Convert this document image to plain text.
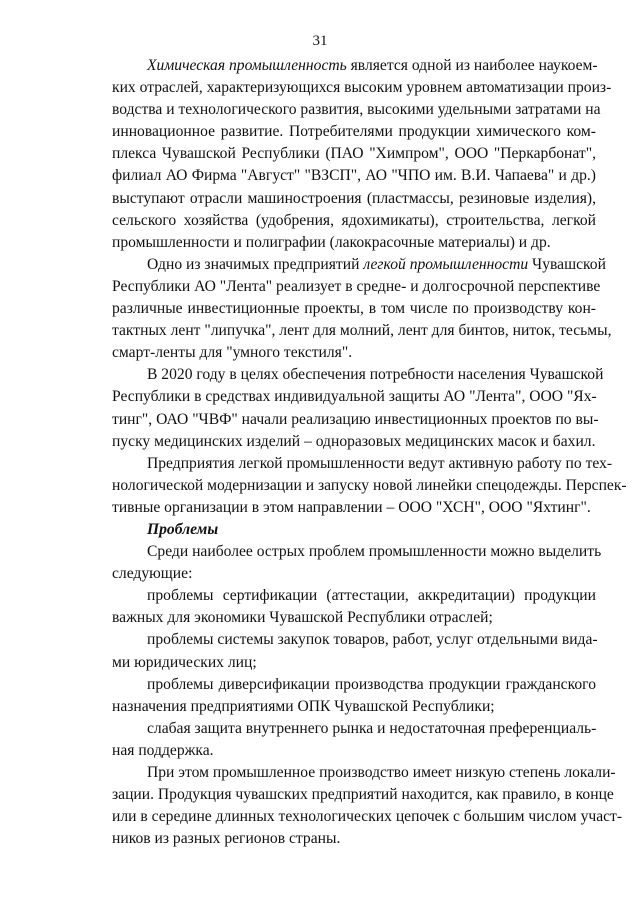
31
Химическая промышленность является одной из наиболее наукоем-
ких отраслей, характеризующихся высоким уровнем автоматизации произ-
водства и технологического развития, высокими удельными затратами на
инновационное развитие. Потребителями продукции химического ком-
плекса Чувашской Республики (ПАО "Химпром", ООО "Перкарбонат",
филиал АО Фирма "Август" "ВЗСП", АО "ЧПО им. В.И. Чапаева" и др.)
выступают отрасли машиностроения (пластмассы, резиновые изделия),
сельского хозяйства (удобрения, ядохимикаты), строительства, легкой
промышленности и полиграфии (лакокрасочные материалы) и др.
Одно из значимых предприятий легкой промышленности Чувашской
Республики АО "Лента" реализует в средне- и долгосрочной перспективе
различные инвестиционные проекты, в том числе по производству кон-
тактных лент "липучка", лент для молний, лент для бинтов, ниток, тесьмы,
смарт-ленты для "умного текстиля".
В 2020 году в целях обеспечения потребности населения Чувашской
Республики в средствах индивидуальной защиты АО "Лента", ООО "Ях-
тинг", ОАО "ЧВФ" начали реализацию инвестиционных проектов по вы-
пуску медицинских изделий – одноразовых медицинских масок и бахил.
Предприятия легкой промышленности ведут активную работу по тех-
нологической модернизации и запуску новой линейки спецодежды. Перспек-
тивные организации в этом направлении – ООО "ХСН", ООО "Яхтинг".
Проблемы
Среди наиболее острых проблем промышленности можно выделить
следующие:
проблемы сертификации (аттестации, аккредитации) продукции
важных для экономики Чувашской Республики отраслей;
проблемы системы закупок товаров, работ, услуг отдельными вида-
ми юридических лиц;
проблемы диверсификации производства продукции гражданского
назначения предприятиями ОПК Чувашской Республики;
слабая защита внутреннего рынка и недостаточная преференциаль-
ная поддержка.
При этом промышленное производство имеет низкую степень локали-
зации. Продукция чувашских предприятий находится, как правило, в конце
или в середине длинных технологических цепочек с большим числом участ-
ников из разных регионов страны.
